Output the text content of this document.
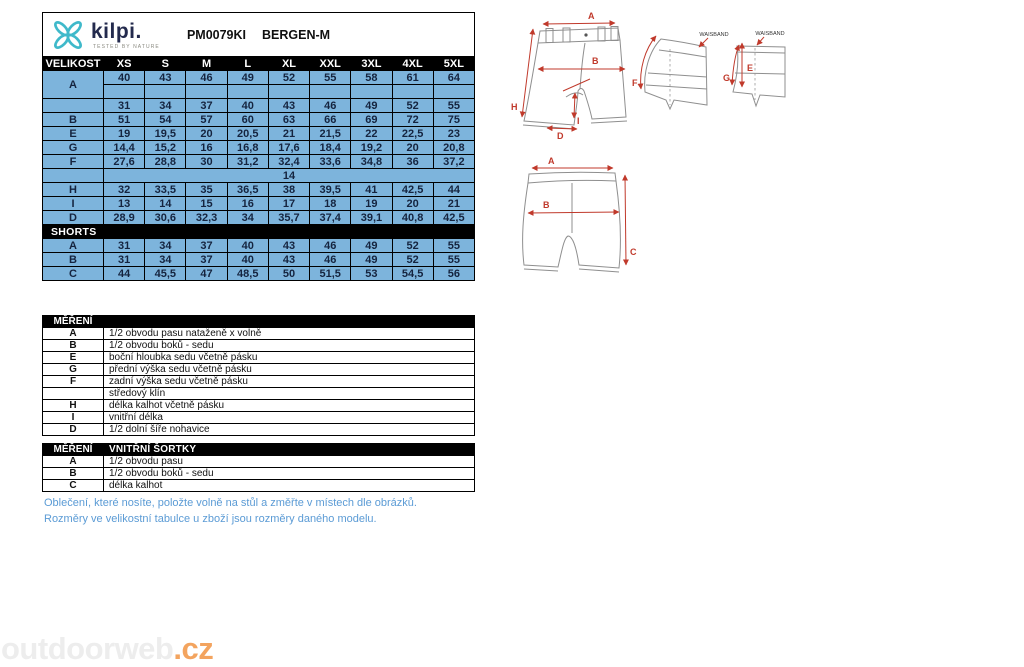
kilpi.
TESTED BY NATURE
PM0079KI BERGEN-M
VELIKOST	XS	S	M	L	XL	XXL	3XL	4XL	5XL
A	40	43	46	49	52	55	58	61	64

	31	34	37	40	43	46	49	52	55
B	51	54	57	60	63	66	69	72	75
E	19	19,5	20	20,5	21	21,5	22	22,5	23
G	14,4	15,2	16	16,8	17,6	18,4	19,2	20	20,8
F	27,6	28,8	30	31,2	32,4	33,6	34,8	36	37,2
	14								
H	32	33,5	35	36,5	38	39,5	41	42,5	44
I	13	14	15	16	17	18	19	20	21
D	28,9	30,6	32,3	34	35,7	37,4	39,1	40,8	42,5
SHORTS									
A	31	34	37	40	43	46	49	52	55
B	31	34	37	40	43	46	49	52	55
C	44	45,5	47	48,5	50	51,5	53	54,5	56
MĚŘENÍ	
A	1/2 obvodu pasu nataženě x volně
B	1/2 obvodu boků - sedu
E	boční hloubka sedu včetně pásku
G	přední výška sedu včetně pásku
F	zadní výška sedu včetně pásku
	středový klín
H	délka kalhot včetně pásku
I	vnitřní délka
D	1/2 dolní šíře nohavice
MĚŘENÍ	VNITŘNÍ ŠORTKY
A	1/2 obvodu pasu
B	1/2 obvodu boků - sedu
C	délka kalhot
Oblečení, které nosíte, položte volně na stůl a změřte v místech dle obrázků.
Rozměry ve velikostní tabulce u zboží jsou rozměry daného modelu.
A
H
B
I
D
F
WAISBAND
E
G
WAISBAND
A
B
C
outdoorweb.cz
